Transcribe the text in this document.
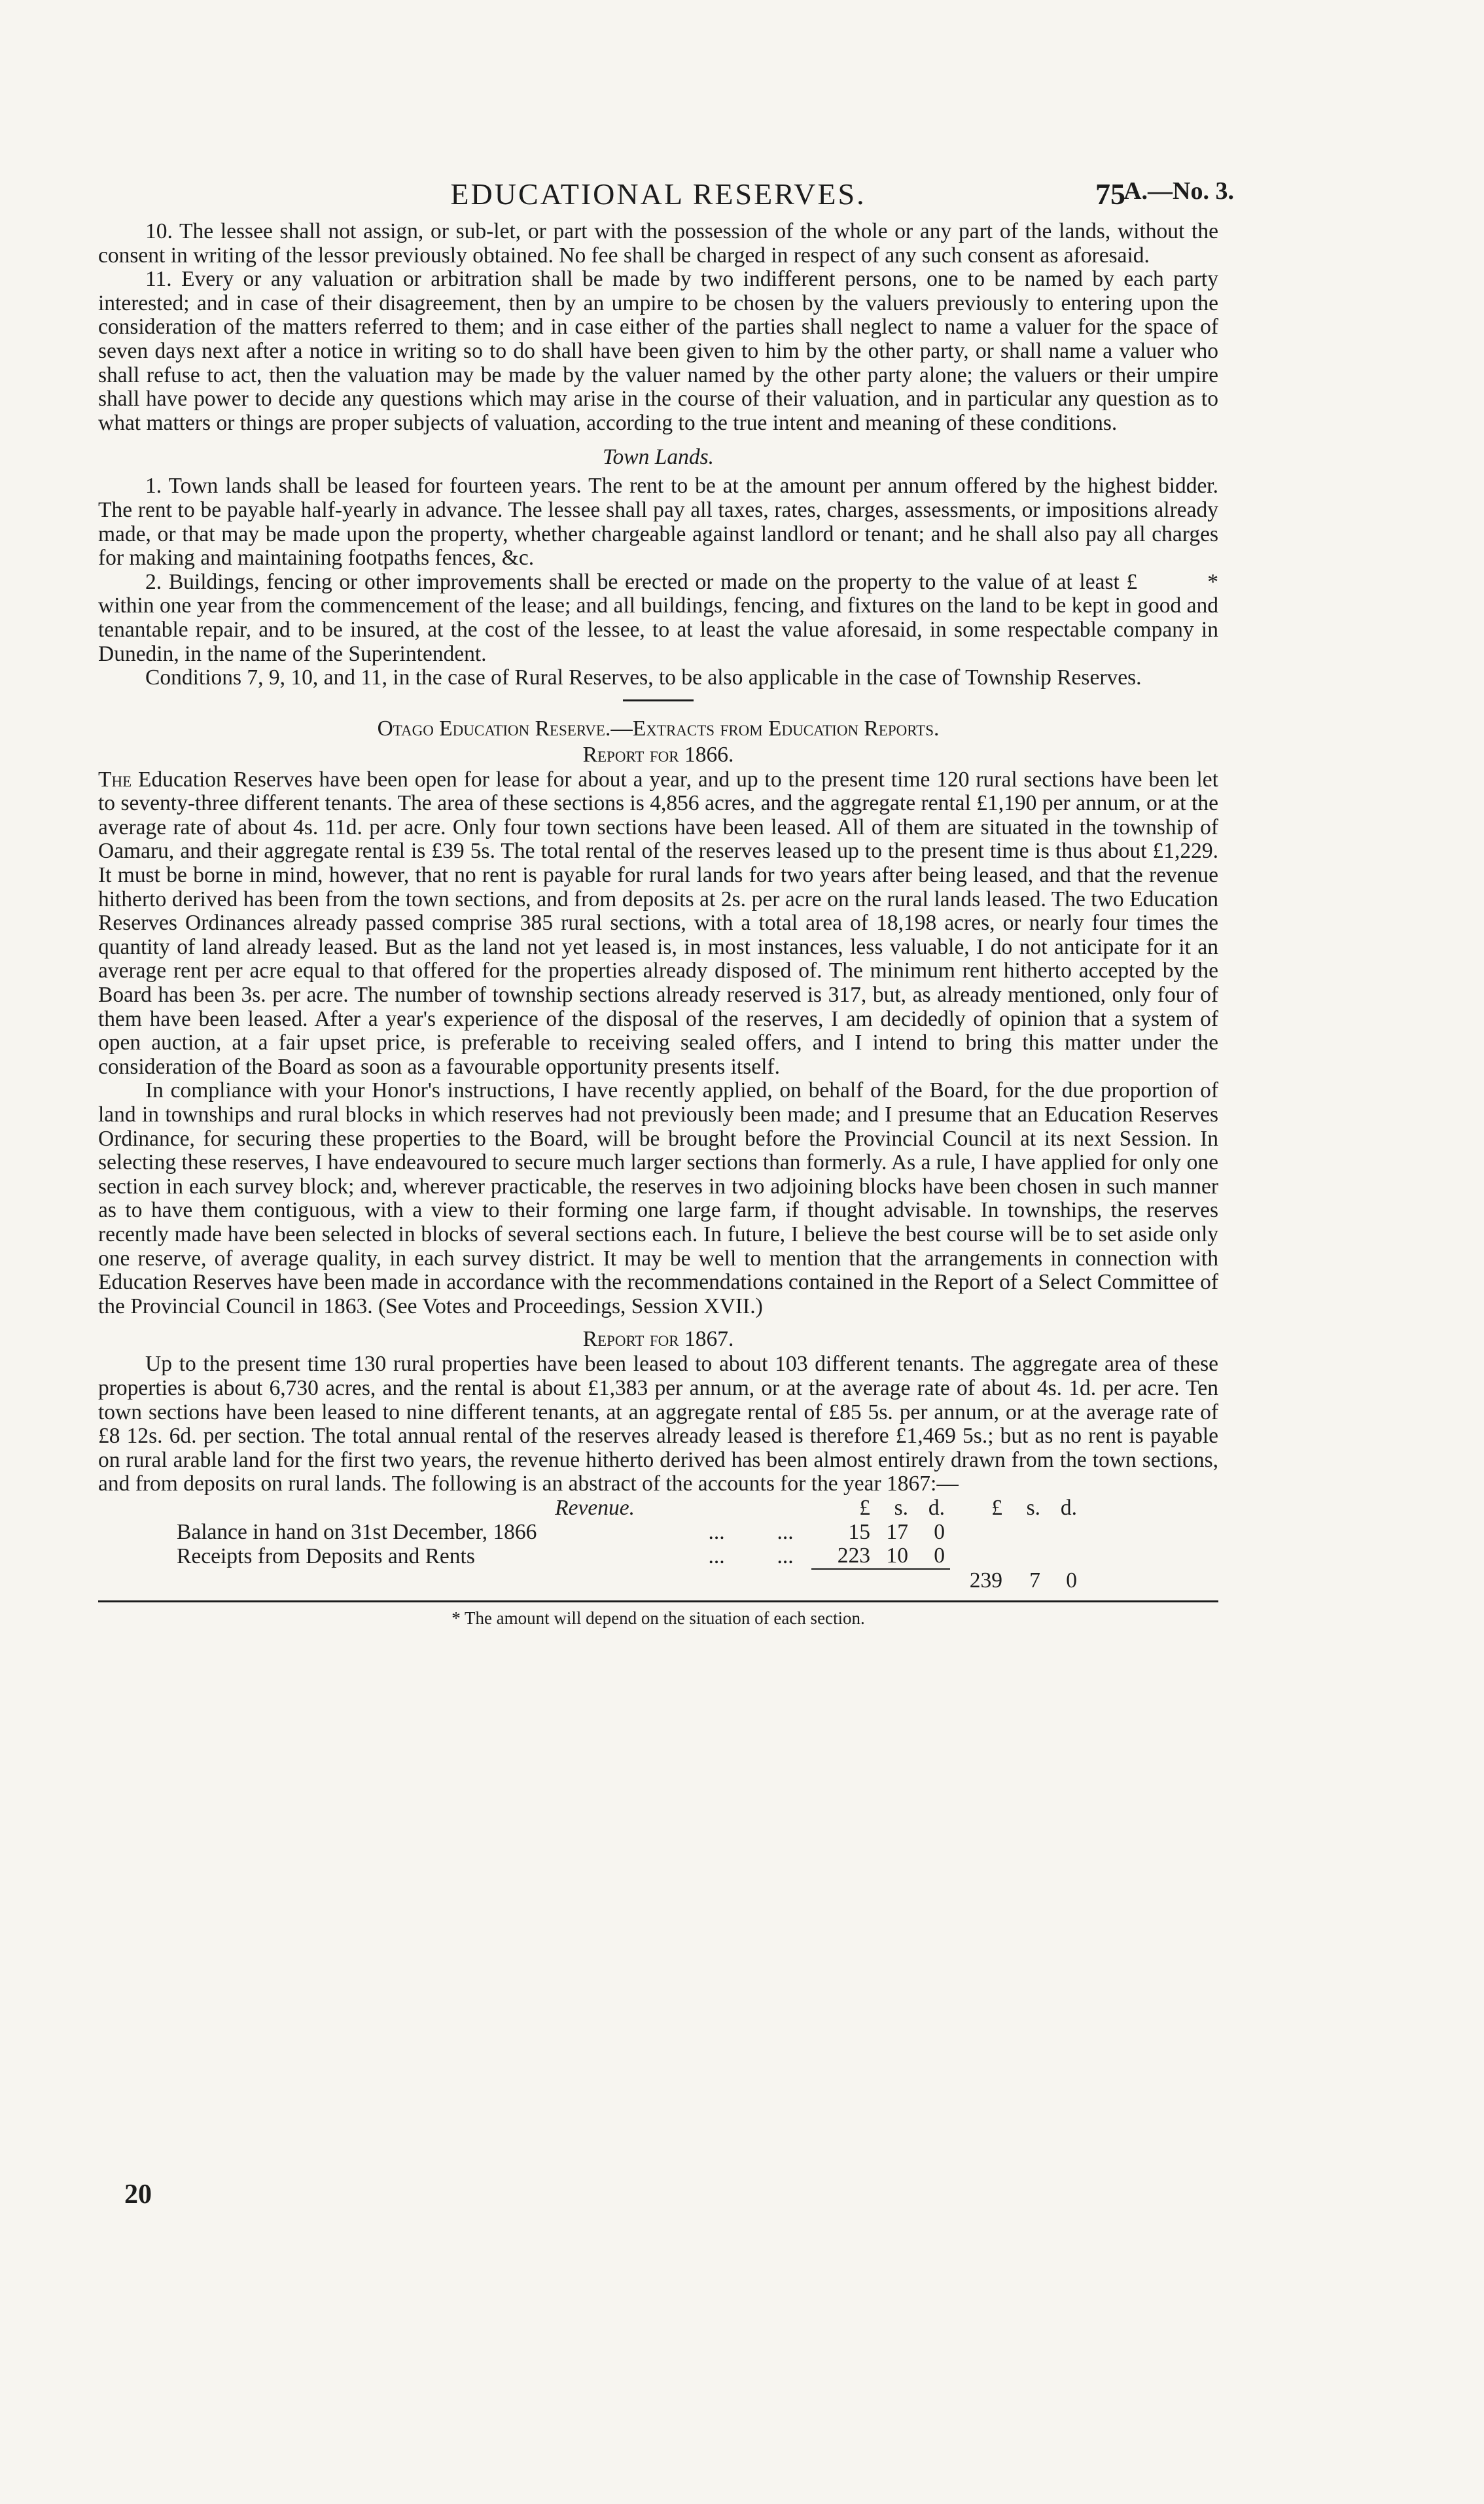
EDUCATIONAL RESERVES.	75
A.—No. 3.

10. The lessee shall not assign, or sub-let, or part with the possession of the whole or any part of the lands, without the consent in writing of the lessor previously obtained. No fee shall be charged in respect of any such consent as aforesaid.

11. Every or any valuation or arbitration shall be made by two indifferent persons, one to be named by each party interested; and in case of their disagreement, then by an umpire to be chosen by the valuers previously to entering upon the consideration of the matters referred to them; and in case either of the parties shall neglect to name a valuer for the space of seven days next after a notice in writing so to do shall have been given to him by the other party, or shall name a valuer who shall refuse to act, then the valuation may be made by the valuer named by the other party alone; the valuers or their umpire shall have power to decide any questions which may arise in the course of their valuation, and in particular any question as to what matters or things are proper subjects of valuation, according to the true intent and meaning of these conditions.

Town Lands.

1. Town lands shall be leased for fourteen years. The rent to be at the amount per annum offered by the highest bidder. The rent to be payable half-yearly in advance. The lessee shall pay all taxes, rates, charges, assessments, or impositions already made, or that may be made upon the property, whether chargeable against landlord or tenant; and he shall also pay all charges for making and maintaining footpaths fences, &c.

2. Buildings, fencing or other improvements shall be erected or made on the property to the value of at least £          * within one year from the commencement of the lease; and all buildings, fencing, and fixtures on the land to be kept in good and tenantable repair, and to be insured, at the cost of the lessee, to at least the value aforesaid, in some respectable company in Dunedin, in the name of the Superintendent.

Conditions 7, 9, 10, and 11, in the case of Rural Reserves, to be also applicable in the case of Township Reserves.

Otago Education Reserve.—Extracts from Education Reports.
Report for 1866.

The Education Reserves have been open for lease for about a year, and up to the present time 120 rural sections have been let to seventy-three different tenants. The area of these sections is 4,856 acres, and the aggregate rental £1,190 per annum, or at the average rate of about 4s. 11d. per acre. Only four town sections have been leased. All of them are situated in the township of Oamaru, and their aggregate rental is £39 5s. The total rental of the reserves leased up to the present time is thus about £1,229. It must be borne in mind, however, that no rent is payable for rural lands for two years after being leased, and that the revenue hitherto derived has been from the town sections, and from deposits at 2s. per acre on the rural lands leased. The two Education Reserves Ordinances already passed comprise 385 rural sections, with a total area of 18,198 acres, or nearly four times the quantity of land already leased. But as the land not yet leased is, in most instances, less valuable, I do not anticipate for it an average rent per acre equal to that offered for the properties already disposed of. The minimum rent hitherto accepted by the Board has been 3s. per acre. The number of township sections already reserved is 317, but, as already mentioned, only four of them have been leased. After a year's experience of the disposal of the reserves, I am decidedly of opinion that a system of open auction, at a fair upset price, is preferable to receiving sealed offers, and I intend to bring this matter under the consideration of the Board as soon as a favourable opportunity presents itself.

In compliance with your Honor's instructions, I have recently applied, on behalf of the Board, for the due proportion of land in townships and rural blocks in which reserves had not previously been made; and I presume that an Education Reserves Ordinance, for securing these properties to the Board, will be brought before the Provincial Council at its next Session. In selecting these reserves, I have endeavoured to secure much larger sections than formerly. As a rule, I have applied for only one section in each survey block; and, wherever practicable, the reserves in two adjoining blocks have been chosen in such manner as to have them contiguous, with a view to their forming one large farm, if thought advisable. In townships, the reserves recently made have been selected in blocks of several sections each. In future, I believe the best course will be to set aside only one reserve, of average quality, in each survey district. It may be well to mention that the arrangements in connection with Education Reserves have been made in accordance with the recommendations contained in the Report of a Select Committee of the Provincial Council in 1863. (See Votes and Proceedings, Session XVII.)

Report for 1867.

Up to the present time 130 rural properties have been leased to about 103 different tenants. The aggregate area of these properties is about 6,730 acres, and the rental is about £1,383 per annum, or at the average rate of about 4s. 1d. per acre. Ten town sections have been leased to nine different tenants, at an aggregate rental of £85 5s. per annum, or at the average rate of £8 12s. 6d. per section. The total annual rental of the reserves already leased is therefore £1,469 5s.; but as no rent is payable on rural arable land for the first two years, the revenue hitherto derived has been almost entirely drawn from the town sections, and from deposits on rural lands. The following is an abstract of the accounts for the year 1867:—

Revenue.			£	s.	d.	£	s.	d.
Balance in hand on 31st December, 1866	...	...	15	17	0			
Receipts from Deposits and Rents	...	...	223	10	0			
						239	7	0
* The amount will depend on the situation of each section.
20
